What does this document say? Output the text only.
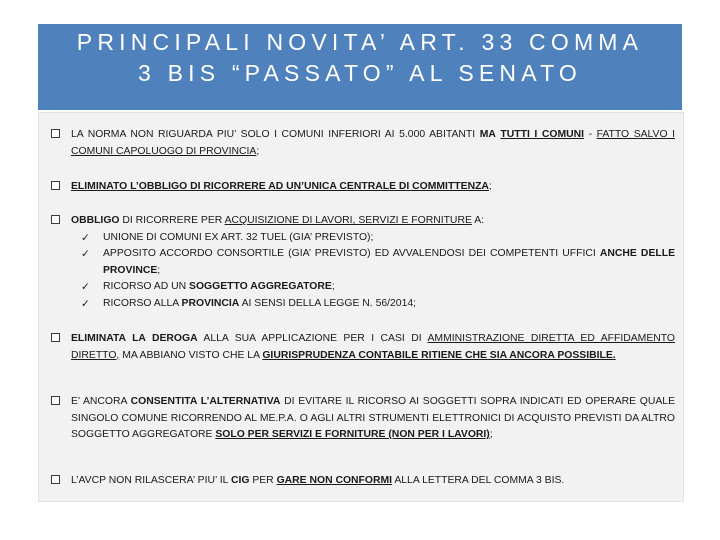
PRINCIPALI NOVITA’ ART. 33 COMMA
3 BIS “PASSATO” AL SENATO
LA NORMA NON RIGUARDA PIU’ SOLO I COMUNI INFERIORI AI 5.000 ABITANTI MA TUTTI I COMUNI - FATTO SALVO I COMUNI CAPOLUOGO DI PROVINCIA;
ELIMINATO L’OBBLIGO DI RICORRERE AD UN’UNICA CENTRALE DI COMMITTENZA;
OBBLIGO DI RICORRERE PER ACQUISIZIONE DI LAVORI, SERVIZI E FORNITURE A:
✓ UNIONE DI COMUNI EX ART. 32 TUEL (GIA’ PREVISTO);
✓ APPOSITO ACCORDO CONSORTILE (GIA’ PREVISTO) ED AVVALENDOSI DEI COMPETENTI UFFICI ANCHE DELLE PROVINCE;
✓ RICORSO AD UN SOGGETTO AGGREGATORE;
✓ RICORSO ALLA PROVINCIA AI SENSI DELLA LEGGE N. 56/2014;
ELIMINATA LA DEROGA ALLA SUA APPLICAZIONE PER I CASI DI AMMINISTRAZIONE DIRETTA ED AFFIDAMENTO DIRETTO, MA ABBIANO VISTO CHE LA GIURISPRUDENZA CONTABILE RITIENE CHE SIA ANCORA POSSIBILE.
E’ ANCORA CONSENTITA L’ALTERNATIVA DI EVITARE IL RICORSO AI SOGGETTI SOPRA INDICATI ED OPERARE QUALE SINGOLO COMUNE RICORRENDO AL ME.P.A. O AGLI ALTRI STRUMENTI ELETTRONICI DI ACQUISTO PREVISTI DA ALTRO SOGGETTO AGGREGATORE SOLO PER SERVIZI E FORNITURE (NON PER I LAVORI);
L’AVCP NON RILASCERA’ PIU’ IL CIG PER GARE NON CONFORMI ALLA LETTERA DEL COMMA 3 BIS.
